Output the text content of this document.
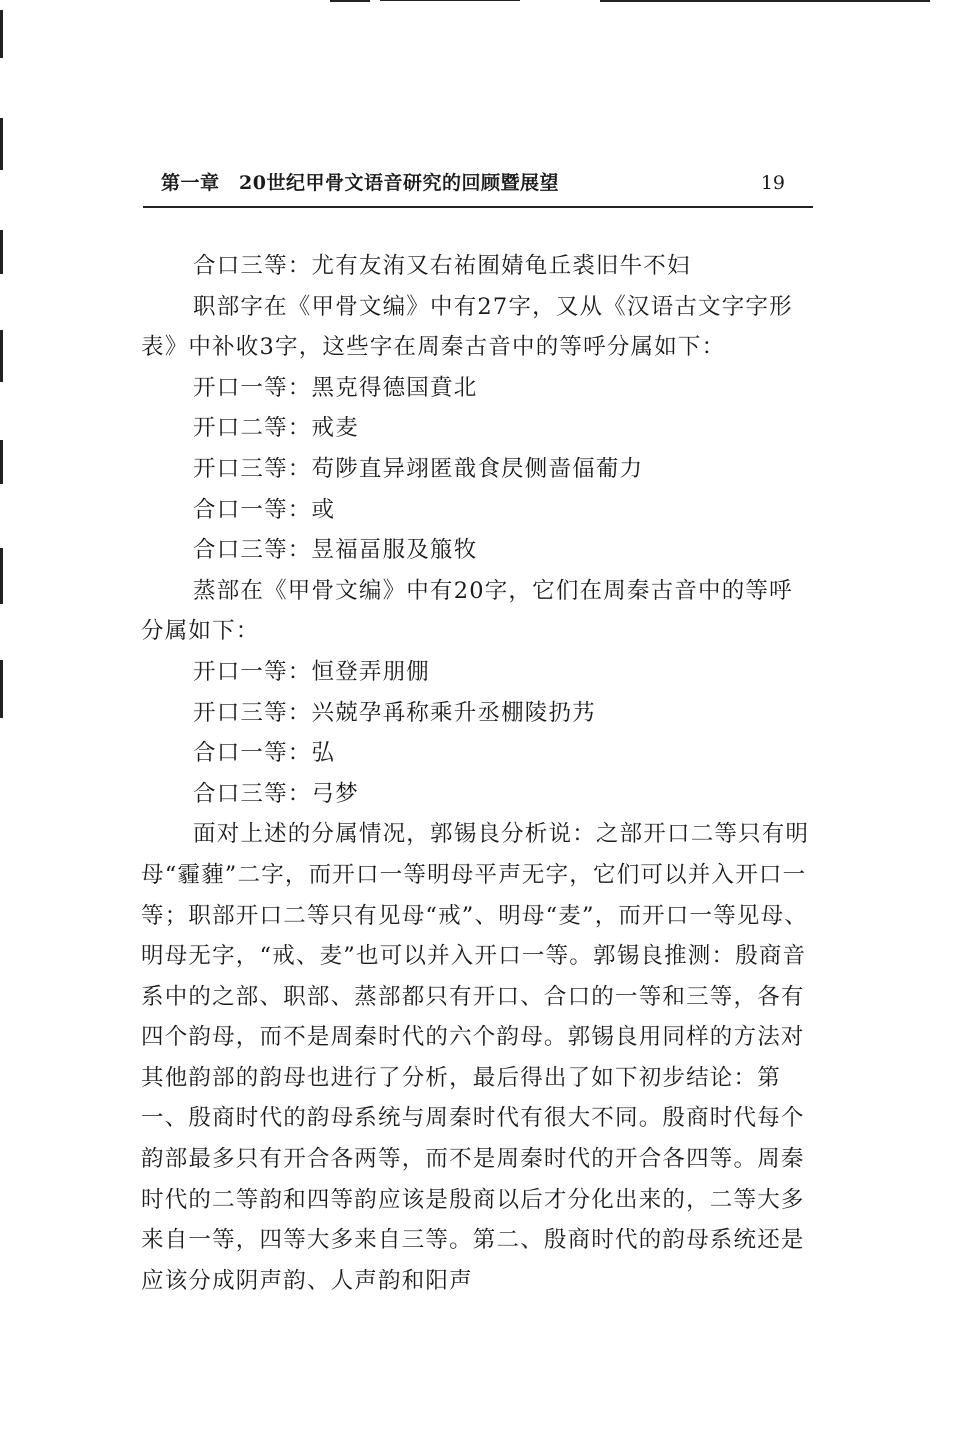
第一章　20世纪甲骨文语音研究的回顾暨展望	19

合口三等：尤有友洧又右祐囿婧龟丘裘旧牛不妇

职部字在《甲骨文编》中有27字，又从《汉语古文字字形表》中补收3字，这些字在周秦古音中的等呼分属如下：

开口一等：黑克得德国賁北

开口二等：戒麦

开口三等：苟陟直异翊匿戠食昃侧啬偪葡力

合口一等：或

合口三等：昱福畐服及箙牧

蒸部在《甲骨文编》中有20字，它们在周秦古音中的等呼分属如下：

开口一等：恒登弄朋倗

开口三等：兴兢孕爯称乘升丞棚陵扔艿

合口一等：弘

合口三等：弓梦

面对上述的分属情况，郭锡良分析说：之部开口二等只有明母“霾薶”二字，而开口一等明母平声无字，它们可以并入开口一等；职部开口二等只有见母“戒”、明母“麦”，而开口一等见母、明母无字，“戒、麦”也可以并入开口一等。郭锡良推测：殷商音系中的之部、职部、蒸部都只有开口、合口的一等和三等，各有四个韵母，而不是周秦时代的六个韵母。郭锡良用同样的方法对其他韵部的韵母也进行了分析，最后得出了如下初步结论：第一、殷商时代的韵母系统与周秦时代有很大不同。殷商时代每个韵部最多只有开合各两等，而不是周秦时代的开合各四等。周秦时代的二等韵和四等韵应该是殷商以后才分化出来的，二等大多来自一等，四等大多来自三等。第二、殷商时代的韵母系统还是应该分成阴声韵、人声韵和阳声
